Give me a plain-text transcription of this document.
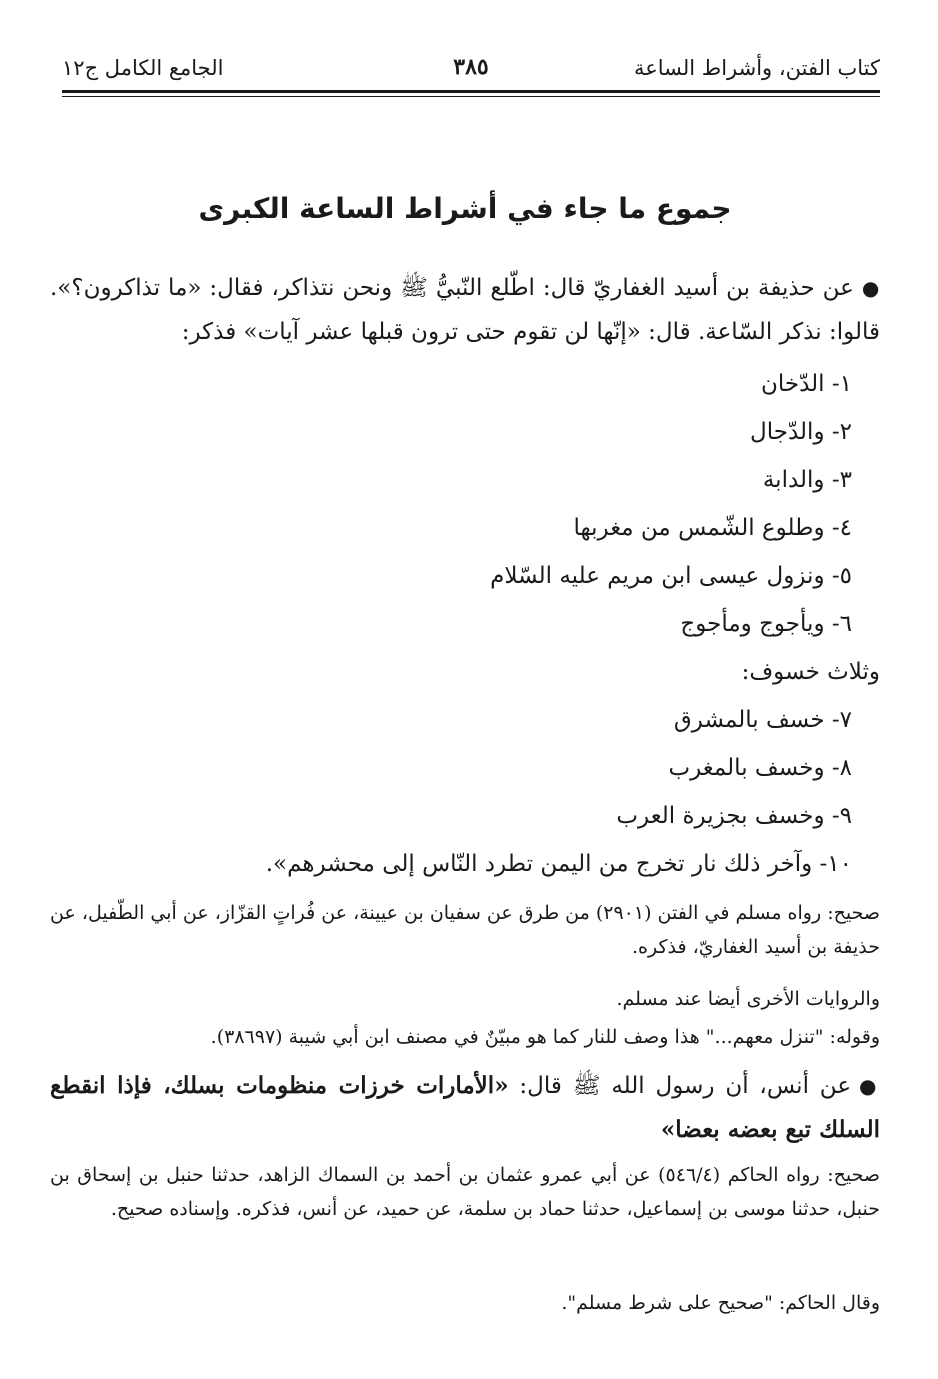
كتاب الفتن، وأشراط الساعة
٣٨٥
الجامع الكامل ج١٢
جموع ما جاء في أشراط الساعة الكبرى
●عن حذيفة بن أسيد الغفاريّ قال: اطّلع النّبيُّ ﷺ ونحن نتذاكر، فقال: «ما تذاكرون؟». قالوا: نذكر السّاعة. قال: «إنّها لن تقوم حتى ترون قبلها عشر آيات» فذكر:
١- الدّخان
٢- والدّجال
٣- والدابة
٤- وطلوع الشّمس من مغربها
٥- ونزول عيسى ابن مريم عليه السّلام
٦- ويأجوج ومأجوج
وثلاث خسوف:
٧- خسف بالمشرق
٨- وخسف بالمغرب
٩- وخسف بجزيرة العرب
١٠- وآخر ذلك نار تخرج من اليمن تطرد النّاس إلى محشرهم».
صحيح: رواه مسلم في الفتن (٢٩٠١) من طرق عن سفيان بن عيينة، عن فُراتٍ القزّاز، عن أبي الطّفيل، عن حذيفة بن أسيد الغفاريّ، فذكره.
والروايات الأخرى أيضا عند مسلم.
وقوله: "تنزل معهم..." هذا وصف للنار كما هو مبيّنٌ في مصنف ابن أبي شيبة (٣٨٦٩٧).
●عن أنس، أن رسول الله ﷺ قال: «الأمارات خرزات منظومات بسلك، فإذا انقطع السلك تبع بعضه بعضا»
صحيح: رواه الحاكم (٥٤٦/٤) عن أبي عمرو عثمان بن أحمد بن السماك الزاهد، حدثنا حنبل بن إسحاق بن حنبل، حدثنا موسى بن إسماعيل، حدثنا حماد بن سلمة، عن حميد، عن أنس، فذكره. وإسناده صحيح.
وقال الحاكم: "صحيح على شرط مسلم".
